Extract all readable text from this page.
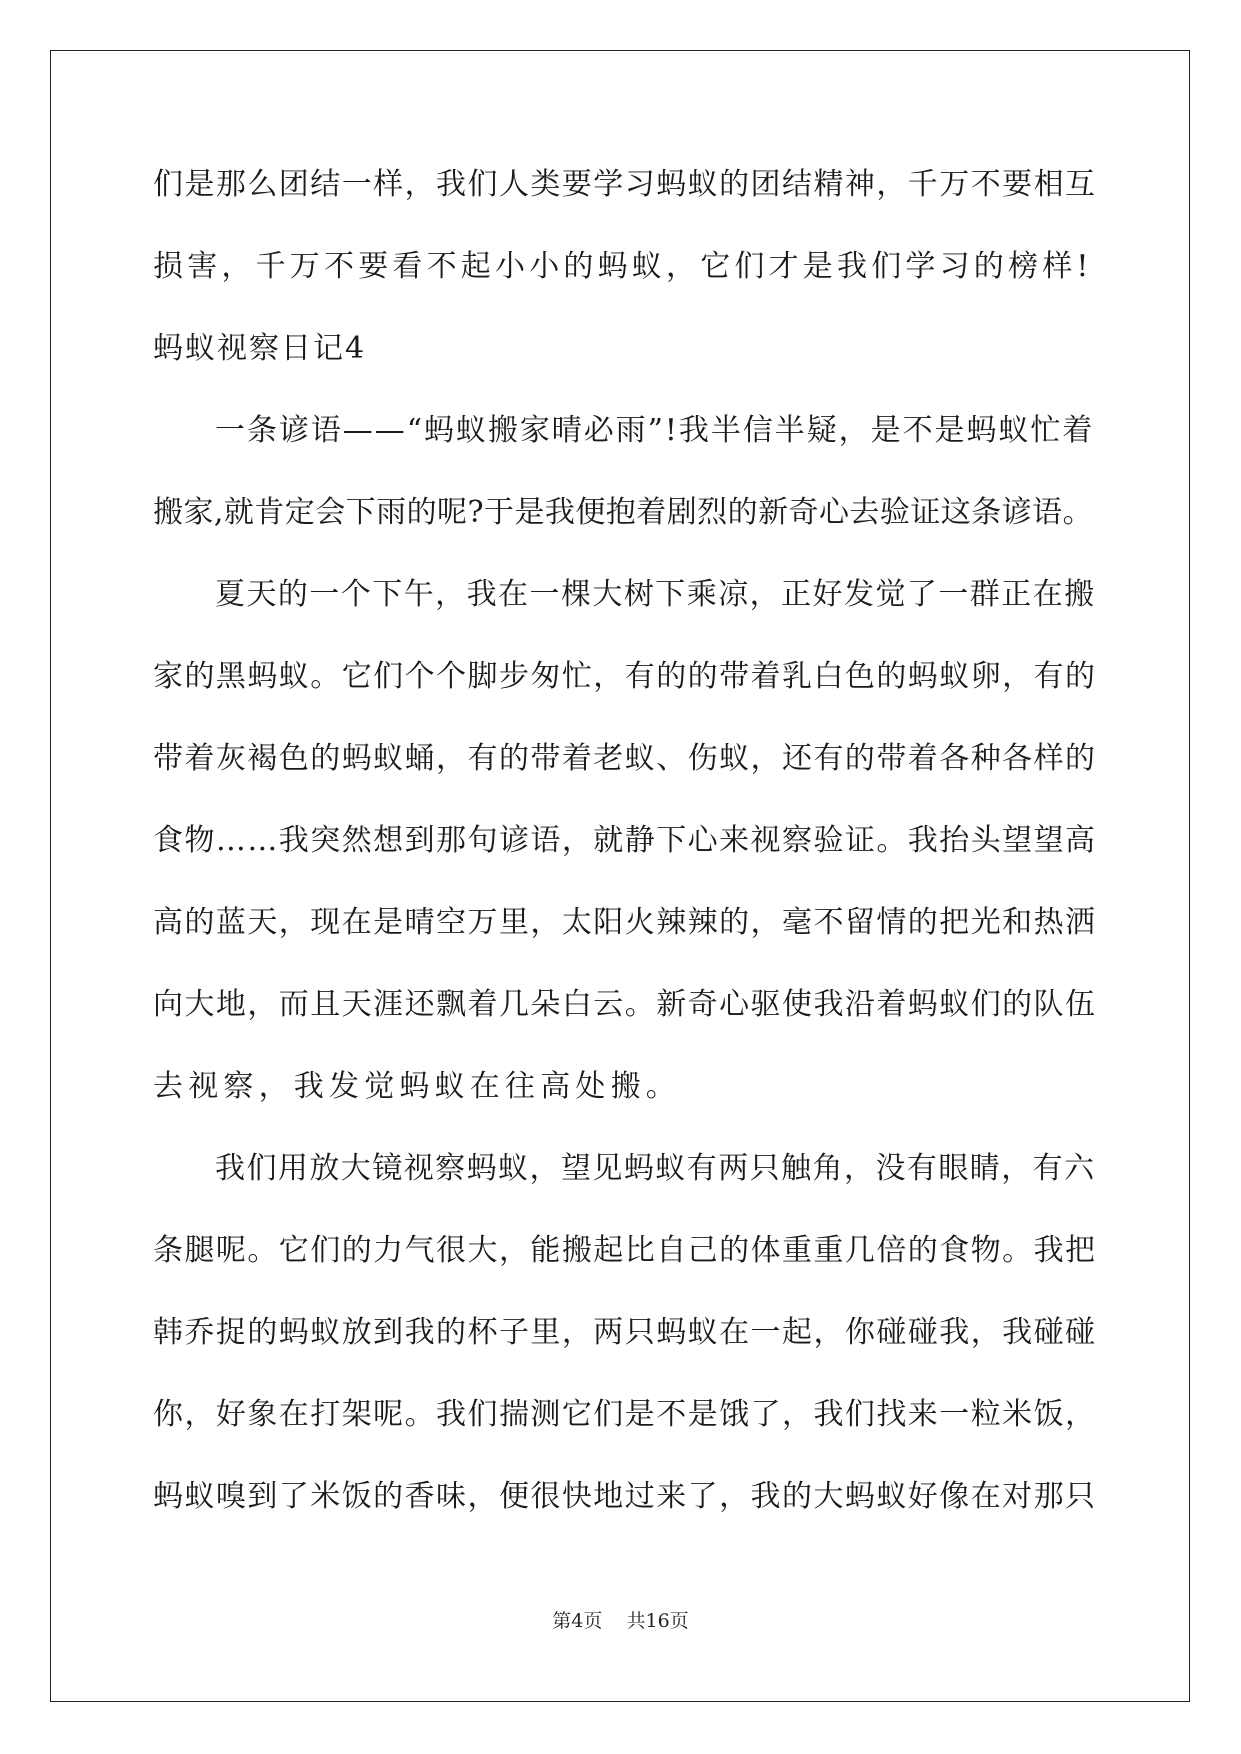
们是那么团结一样，我们人类要学习蚂蚁的团结精神，千万不要相互
损害，千万不要看不起小小的蚂蚁，它们才是我们学习的榜样!
蚂蚁视察日记4
一条谚语——“蚂蚁搬家晴必雨”!我半信半疑，是不是蚂蚁忙着
搬家,就肯定会下雨的呢?于是我便抱着剧烈的新奇心去验证这条谚语。
夏天的一个下午，我在一棵大树下乘凉，正好发觉了一群正在搬
家的黑蚂蚁。它们个个脚步匆忙，有的的带着乳白色的蚂蚁卵，有的
带着灰褐色的蚂蚁蛹，有的带着老蚁、伤蚁，还有的带着各种各样的
食物……我突然想到那句谚语，就静下心来视察验证。我抬头望望高
高的蓝天，现在是晴空万里，太阳火辣辣的，毫不留情的把光和热洒
向大地，而且天涯还飘着几朵白云。新奇心驱使我沿着蚂蚁们的队伍
去视察，我发觉蚂蚁在往高处搬。
我们用放大镜视察蚂蚁，望见蚂蚁有两只触角，没有眼睛，有六
条腿呢。它们的力气很大，能搬起比自己的体重重几倍的食物。我把
韩乔捉的蚂蚁放到我的杯子里，两只蚂蚁在一起，你碰碰我，我碰碰
你，好象在打架呢。我们揣测它们是不是饿了，我们找来一粒米饭，
蚂蚁嗅到了米饭的香味，便很快地过来了，我的大蚂蚁好像在对那只
第4页 共16页
